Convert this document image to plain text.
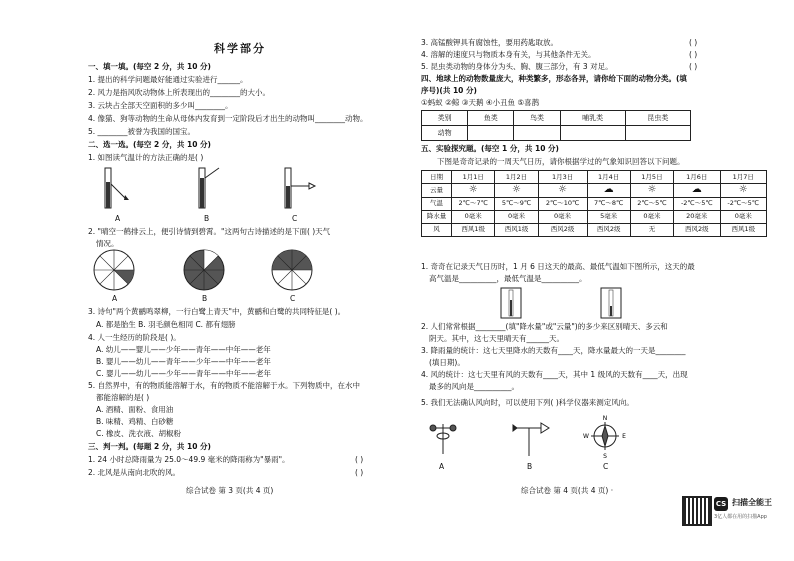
科学部分
一、填一填。(每空 2 分，共 10 分)
1. 提出的科学问题最好能通过实验进行______。
2. 风力是指风吹动物体上所表现出的________的大小。
3. 云块占全部天空面积的多少叫________。
4. 像猫、狗等动物的生命从母体内发育到一定阶段后才出生的动物叫________动物。
5. ________被誉为我国的国宝。
二、选一选。(每空 2 分，共 10 分)
1. 如图读气温计的方法正确的是( )
A	B	C
2. "晴空一鹤排云上，便引诗情到碧霄。"这两句古诗描述的是下面( )天气
情况。
A	B	C
3. 诗句"两个黄鹂鸣翠柳，一行白鹭上青天"中，黄鹂和白鹭的共同特征是( )。
A. 都是胎生 B. 羽毛颜色相同 C. 都有翅膀
4. 人一生经历的阶段是( )。
A. 幼儿——婴儿——少年——青年——中年——老年
B. 婴儿——幼儿——青年——少年——中年——老年
C. 婴儿——幼儿——少年——青年——中年——老年
5. 自然界中，有的物质能溶解于水，有的物质不能溶解于水。下列物质中，在水中
都能溶解的是( )
A. 酒精、面粉、食用油
B. 味精、鸡精、白砂糖
C. 橡皮、洗衣液、胡椒粉
三、判一判。(每题 2 分，共 10 分)
1. 24 小时总降雨量为 25.0～49.9 毫米的降雨称为"暴雨"。	( )
2. 北风是从南向北吹的风。	( )
综合试卷 第 3 页(共 4 页)
3. 高锰酸钾具有腐蚀性，要用药匙取放。	( )
4. 溶解的速度只与物质本身有关，与其他条件无关。	( )
5. 昆虫类动物的身体分为头、胸、腹三部分，有 3 对足。	( )
四、地球上的动物数量庞大，种类繁多，形态各异，请你给下面的动物分类。(填
序号)(共 10 分)
①蚂蚁 ②鲸 ③天鹅 ④小丑鱼 ⑤喜鹊
类别	鱼类	鸟类	哺乳类	昆虫类
动物				
五、实验探究题。(每空 1 分，共 10 分)
下图是奇奇记录的一周天气日历，请你根据学过的气象知识回答以下问题。
日期	1月1日	1月2日	1月3日	1月4日	1月5日	1月6日	1月7日
云量	☼	☼	☼	☁	☼	☁	☼
气温	2℃～7℃	5℃～9℃	2℃～10℃	7℃～8℃	2℃～5℃	-2℃～5℃	-2℃～5℃
降水量	0毫米	0毫米	0毫米	5毫米	0毫米	20毫米	0毫米
风	西风1级	西风1级	西风2级	西风2级	无	西风2级	西风1级
1. 奇奇在记录天气日历时，1 月 6 日这天的最高、最低气温如下图所示，这天的最
高气温是__________，最低气温是__________。
2. 人们常常根据________(填"降水量"或"云量")的多少来区别晴天、多云和
阴天。其中，这七天里晴天有______天。
3. 降雨量的统计：这七天里降水的天数有____天，降水量最大的一天是________
(填日期)。
4. 风的统计：这七天里有风的天数有____天，其中 1 级风的天数有____天，出现
最多的风向是__________。
5. 我们无法确认风向时，可以使用下列( )科学仪器来测定风向。
N
S
W	E
A	B	C
综合试卷 第 4 页(共 4 页) ·
CS 扫描全能王
3亿人都在用的扫描App
